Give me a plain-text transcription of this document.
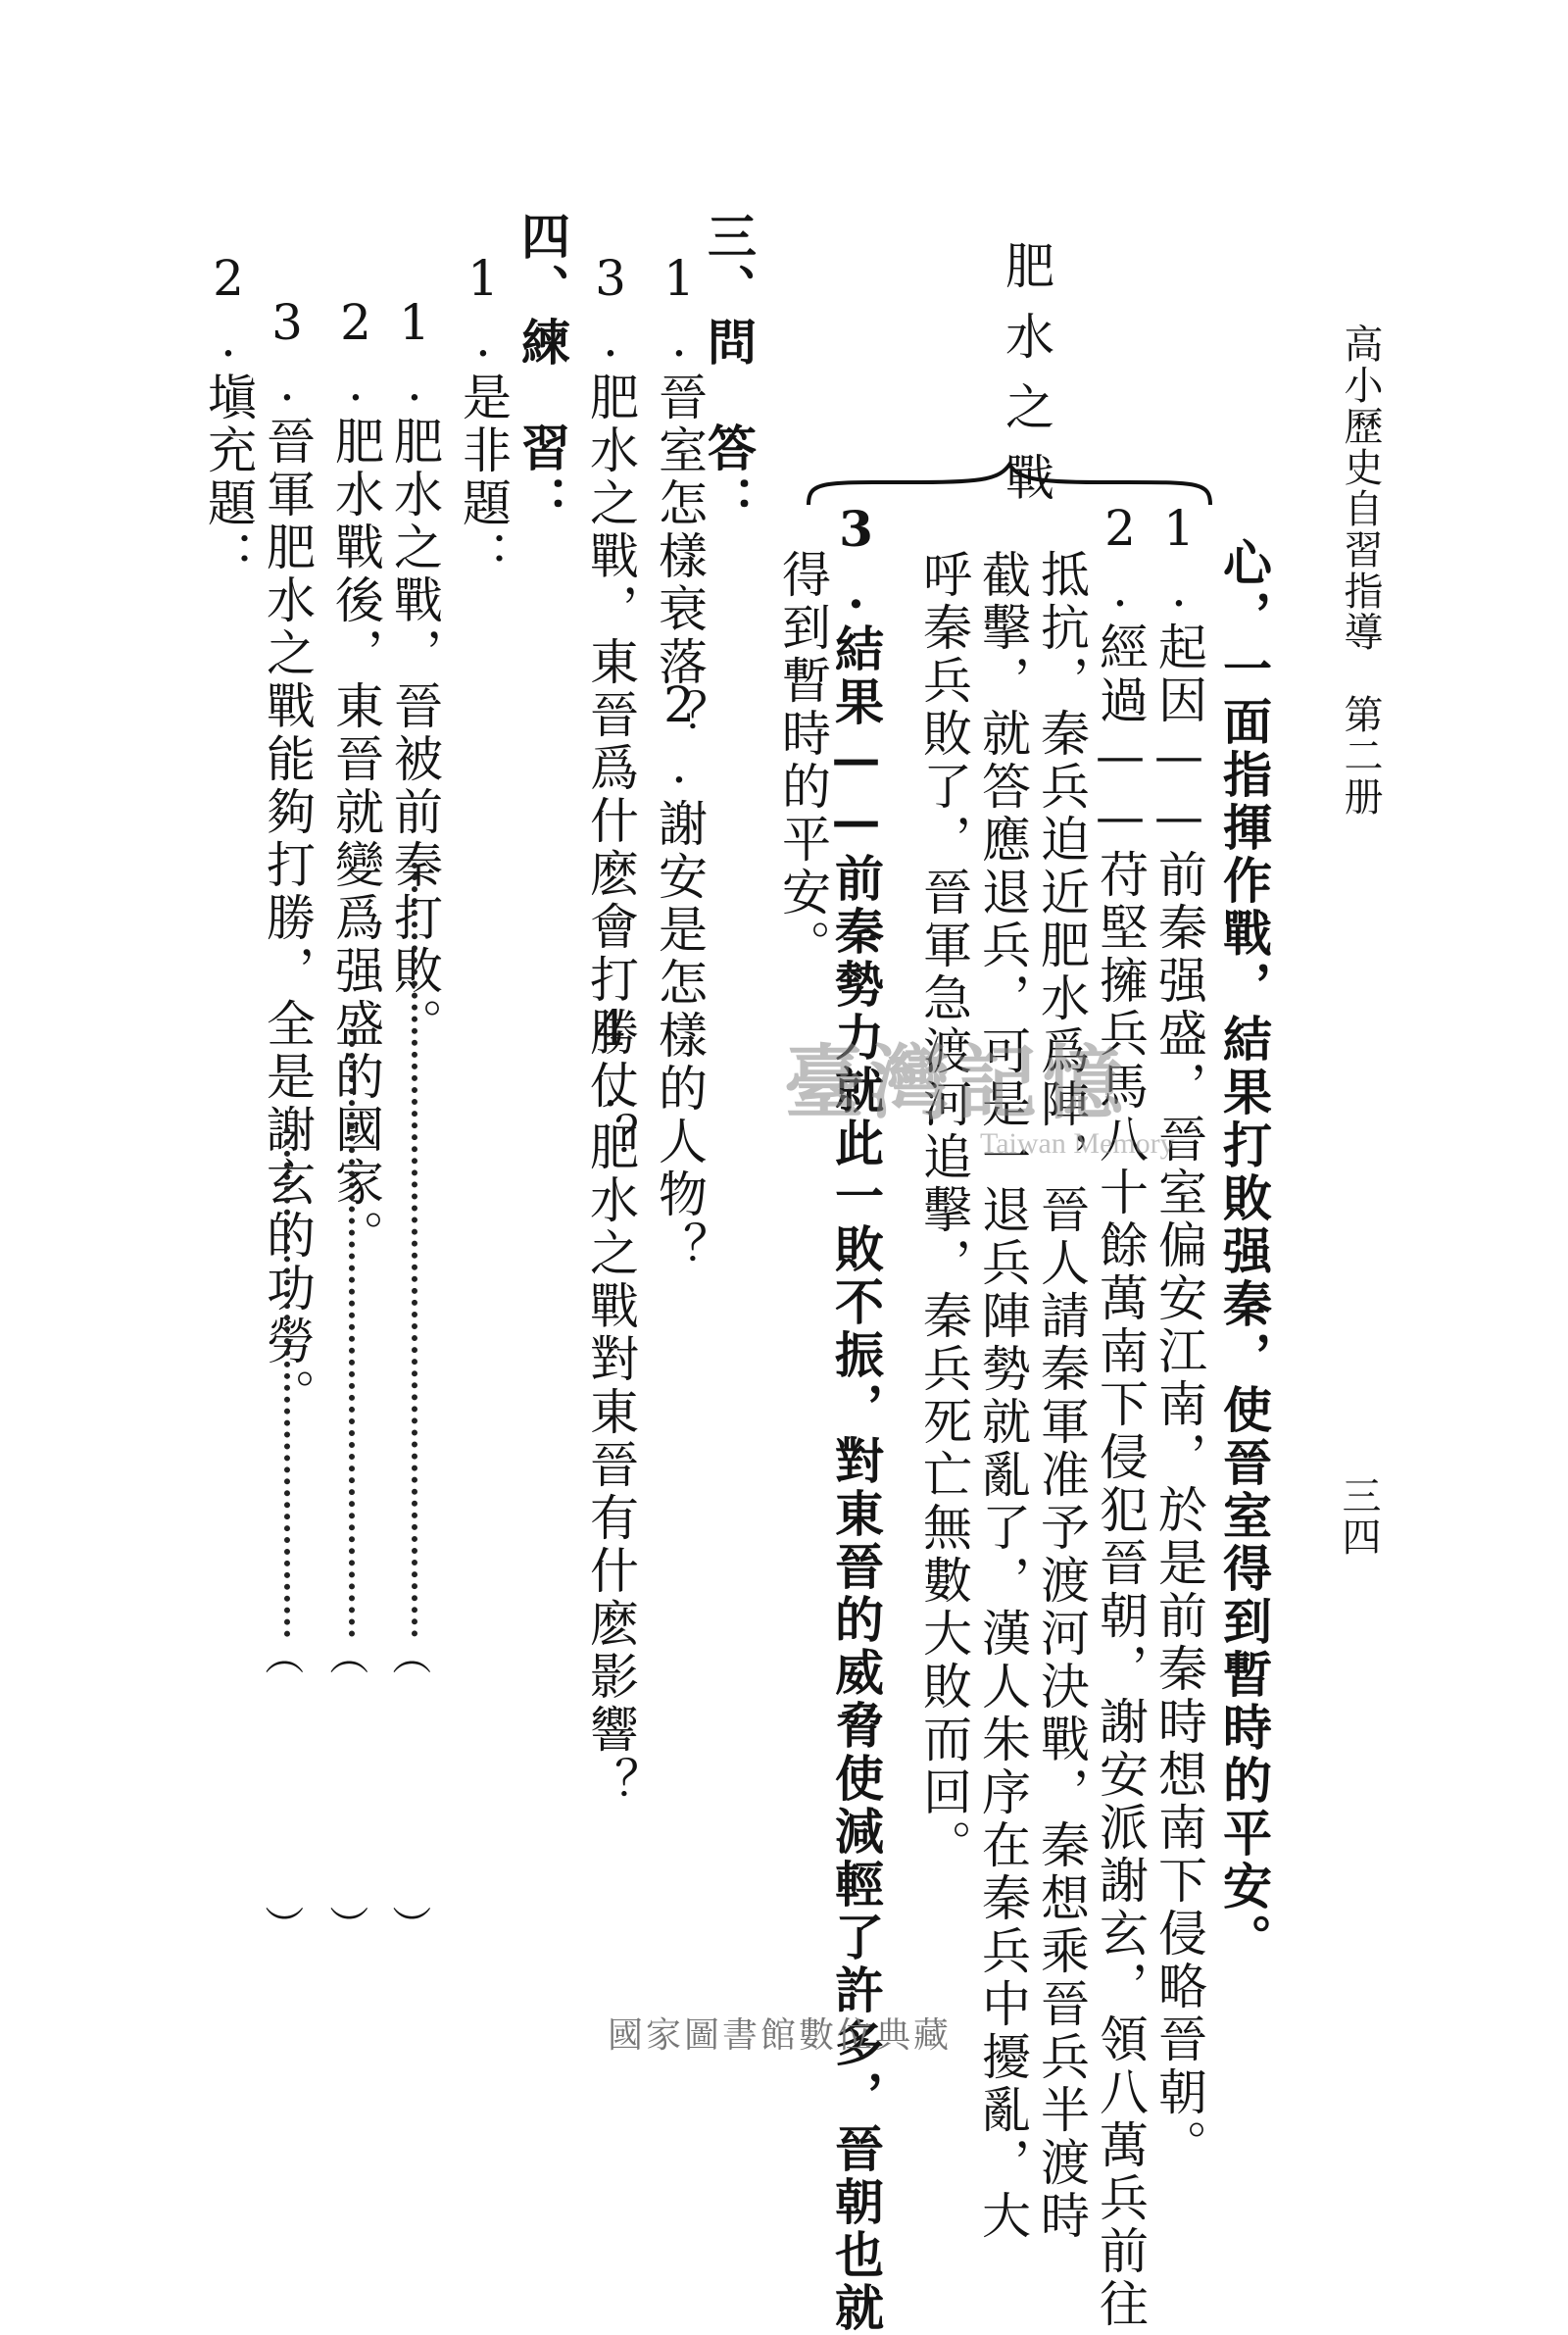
高小歷史自習指導　第二册
三四
心，一面指揮作戰，結果打敗强秦，使晉室得到暫時的平安。
1.起因——前秦强盛，晉室偏安江南，於是前秦時想南下侵略晉朝。
2.經過——苻堅擁兵馬八十餘萬南下侵犯晉朝，謝安派謝玄，領八萬兵前往
抵抗，秦兵迫近肥水爲陣，晉人請秦軍准予渡河決戰，秦想乘晉兵半渡時
截擊，就答應退兵，可是一退兵陣勢就亂了，漢人朱序在秦兵中擾亂，大
呼秦兵敗了，晉軍急渡河追擊，秦兵死亡無數大敗而回。
3.結果——前秦勢力就此一敗不振，對東晉的威脅使減輕了許多，晉朝也就
得到暫時的平安。
肥水之戰
三、問　答：
1.晉室怎樣衰落？
2.謝安是怎樣的人物？
3.肥水之戰，東晉爲什麽會打勝仗？
4.肥水之戰對東晉有什麽影響？
四、練　習：
1.是非題：
1.肥水之戰，晉被前秦打敗。
2.肥水戰後，東晉就變爲强盛的國家。
3.晉軍肥水之戰能夠打勝，全是謝玄的功勞。
2.塡充題：
（
）
（
）
（
）
臺灣記憶
Taiwan Memory
國家圖書館數位典藏
